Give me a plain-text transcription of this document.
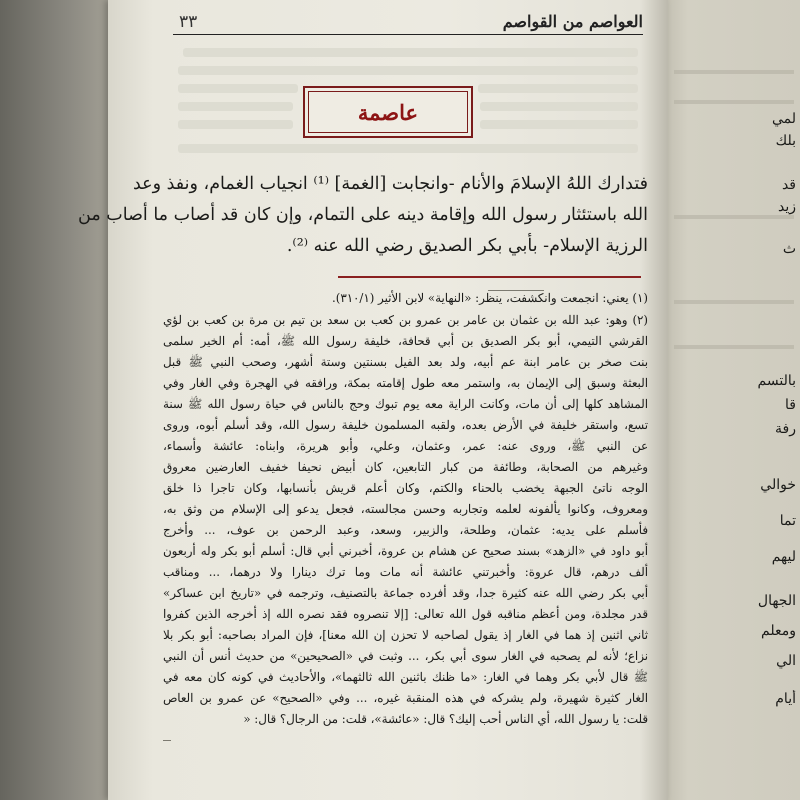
لمي
بلك
قد
زيد
ث
بالتسم
قا
رفة
خوالي
تما
ليهم
الجهال
ومعلم
الي
أيام
٣٣	العواصم من القواصم
عاصمة
فتدارك اللهُ الإسلامَ والأنام -وانجابت [الغمة] ⁽¹⁾ انجياب الغمام، ونفذ وعد
الله باستئثار رسول الله وإقامة دينه على التمام، وإن كان قد أصاب ما أصاب من
الرزية الإسلام- بأبي بكر الصديق رضي الله عنه ⁽²⁾.
(١) يعني: انجمعت وانكشفت، ينظر: «النهاية» لابن الأثير (٣١٠/١).
(٢) وهو: عبد الله بن عثمان بن عامر بن عمرو بن كعب بن سعد بن تيم بن مرة بن كعب بن لؤي
القرشي التيمي، أبو بكر الصديق بن أبي قحافة، خليفة رسول الله ﷺ، أمه: أم الخير سلمى
بنت صخر بن عامر ابنة عم أبيه، ولد بعد الفيل بسنتين وستة أشهر، وصحب النبي ﷺ قبل
البعثة وسبق إلى الإيمان به، واستمر معه طول إقامته بمكة، ورافقه في الهجرة وفي الغار وفي
المشاهد كلها إلى أن مات، وكانت الراية معه يوم تبوك وحج بالناس في حياة رسول الله ﷺ سنة
تسع، واستقر خليفة في الأرض بعده، ولقبه المسلمون خليفة رسول الله، وقد أسلم أبوه، وروى
عن النبي ﷺ، وروى عنه: عمر، وعثمان، وعلي، وأبو هريرة، وابناه: عائشة وأسماء،
وغيرهم من الصحابة، وطائفة من كبار التابعين، كان أبيض نحيفا خفيف العارضين معروق
الوجه ناتئ الجبهة يخضب بالحناء والكتم، وكان أعلم قريش بأنسابها، وكان تاجرا ذا خلق
ومعروف، وكانوا يألفونه لعلمه وتجاربه وحسن مجالسته، فجعل يدعو إلى الإسلام من وثق به،
فأسلم على يديه: عثمان، وطلحة، والزبير، وسعد، وعبد الرحمن بن عوف، ... وأخرج
أبو داود في «الزهد» بسند صحيح عن هشام بن عروة، أخبرني أبي قال: أسلم أبو بكر وله أربعون
ألف درهم، قال عروة: وأخبرتني عائشة أنه مات وما ترك دينارا ولا درهما، ... ومناقب
أبي بكر رضي الله عنه كثيرة جدا، وقد أفرده جماعة بالتصنيف، وترجمه في «تاريخ ابن عساكر»
قدر مجلدة، ومن أعظم مناقبه قول الله تعالى: [إلا تنصروه فقد نصره الله إذ أخرجه الذين كفروا
ثاني اثنين إذ هما في الغار إذ يقول لصاحبه لا تحزن إن الله معنا]، فإن المراد بصاحبه: أبو بكر بلا
نزاع؛ لأنه لم يصحبه في الغار سوى أبي بكر، ... وثبت في «الصحيحين» من حديث أنس أن النبي
ﷺ قال لأبي بكر وهما في الغار: «ما ظنك باثنين الله ثالثهما»، والأحاديث في كونه كان معه في
الغار كثيرة شهيرة، ولم يشركه في هذه المنقبة غيره، ... وفي «الصحيح» عن عمرو بن العاص
قلت: يا رسول الله، أي الناس أحب إليك؟ قال: «عائشة»، قلت: من الرجال؟ قال: «
